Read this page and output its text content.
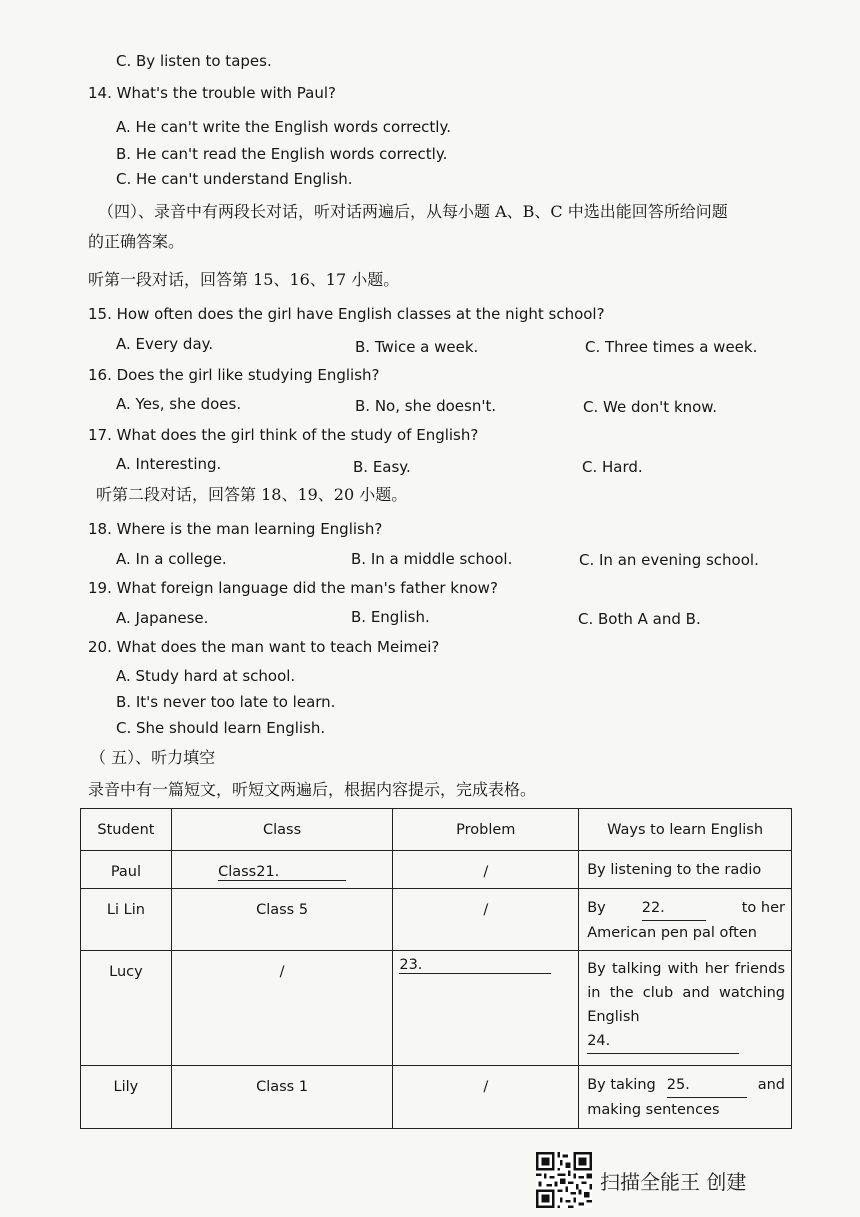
C. By listen to tapes.
14. What's the trouble with Paul?
A. He can't write the English words correctly.
B. He can't read the English words correctly.
C. He can't understand English.
（四）、录音中有两段长对话，听对话两遍后，从每小题 A、B、C 中选出能回答所给问题
的正确答案。
听第一段对话，回答第 15、16、17 小题。
15. How often does the girl have English classes at the night school?
A. Every day.	B. Twice a week.	C. Three times a week.
16. Does the girl like studying English?
A. Yes, she does.	B. No, she doesn't.	C. We don't know.
17. What does the girl think of the study of English?
A. Interesting.	B. Easy.	C. Hard.
听第二段对话，回答第 18、19、20 小题。
18. Where is the man learning English?
A. In a college.	B. In a middle school.	C. In an evening school.
19. What foreign language did the man's father know?
A. Japanese.	B. English.	C. Both A and B.
20. What does the man want to teach Meimei?
A. Study hard at school.
B. It's never too late to learn.
C. She should learn English.
（ 五）、听力填空
录音中有一篇短文，听短文两遍后，根据内容提示，完成表格。
Student	Class	Problem	Ways to learn English
Paul	Class21.	/	By listening to the radio
Li Lin	Class 5	/	By 22. to her
American pen pal often

Lucy	/	23.	By talking with her friends
in the club and watching
English
24.

Lily	Class 1	/	By taking 25. and
making sentences
扫描全能王 创建
